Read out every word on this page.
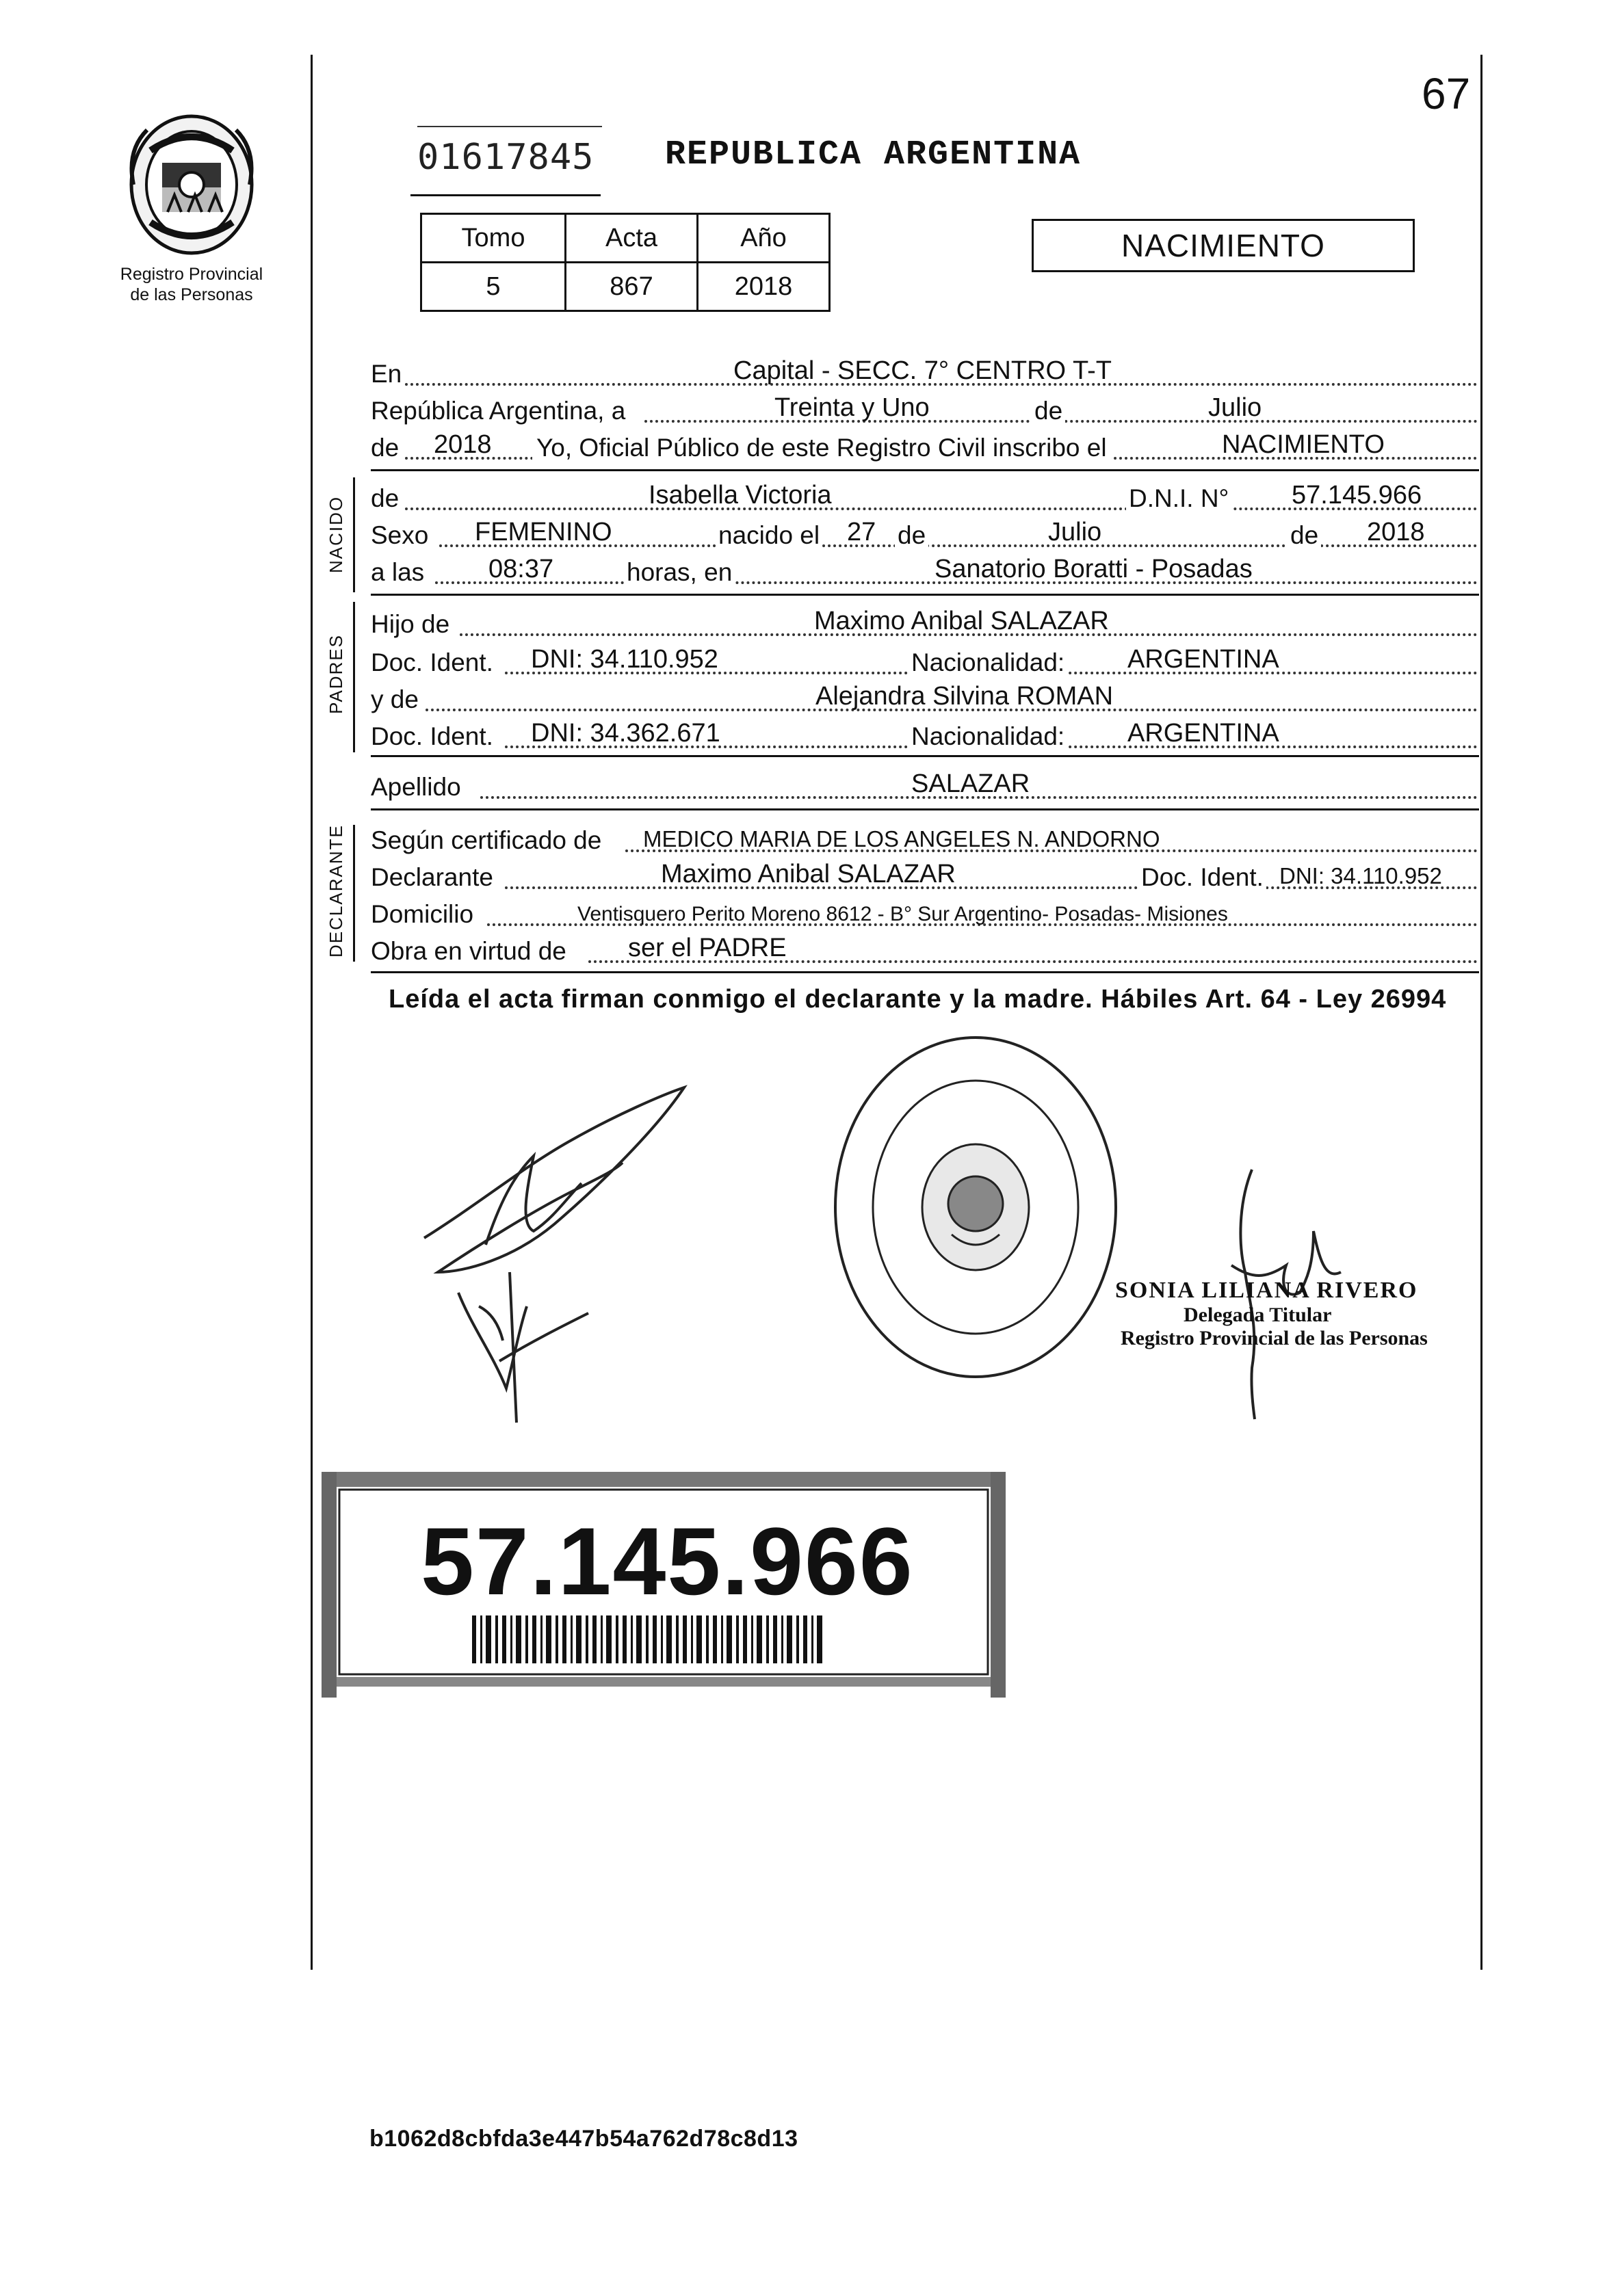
Registro Provincial
de las Personas
01617845 REPUBLICA ARGENTINA
67
Tomo	Acta	Año
5	867	2018
NACIMIENTO
En	Capital - SECC. 7° CENTRO T-T
República Argentina, a	Treinta y Uno	de	Julio
de 2018 Yo, Oficial Público de este Registro Civil inscribo el	NACIMIENTO
NACIDO de	Isabella Victoria	D.N.I. N° 57.145.966
Sexo FEMENINO	nacido el 27 de	Julio	de 2018
a las 08:37	horas, en	Sanatorio Boratti - Posadas
PADRES
Hijo de	Maximo Anibal SALAZAR
Doc. Ident. DNI: 34.110.952	Nacionalidad: ARGENTINA
y de	Alejandra Silvina ROMAN
Doc. Ident. DNI: 34.362.671	Nacionalidad: ARGENTINA
Apellido	SALAZAR
DECLARANTE Según certificado de MEDICO MARIA DE LOS ANGELES N. ANDORNO
Declarante	Maximo Anibal SALAZAR	Doc. Ident. DNI: 34.110.952
Domicilio	Ventisquero Perito Moreno 8612 - B° Sur Argentino- Posadas- Misiones
Obra en virtud de ser el PADRE
Leída el acta firman conmigo el declarante y la madre. Hábiles Art. 64 - Ley 26994
SONIA LILIANA RIVERO
Delegada Titular
Registro Provincial de las Personas
57.145.966
b1062d8cbfda3e447b54a762d78c8d13
